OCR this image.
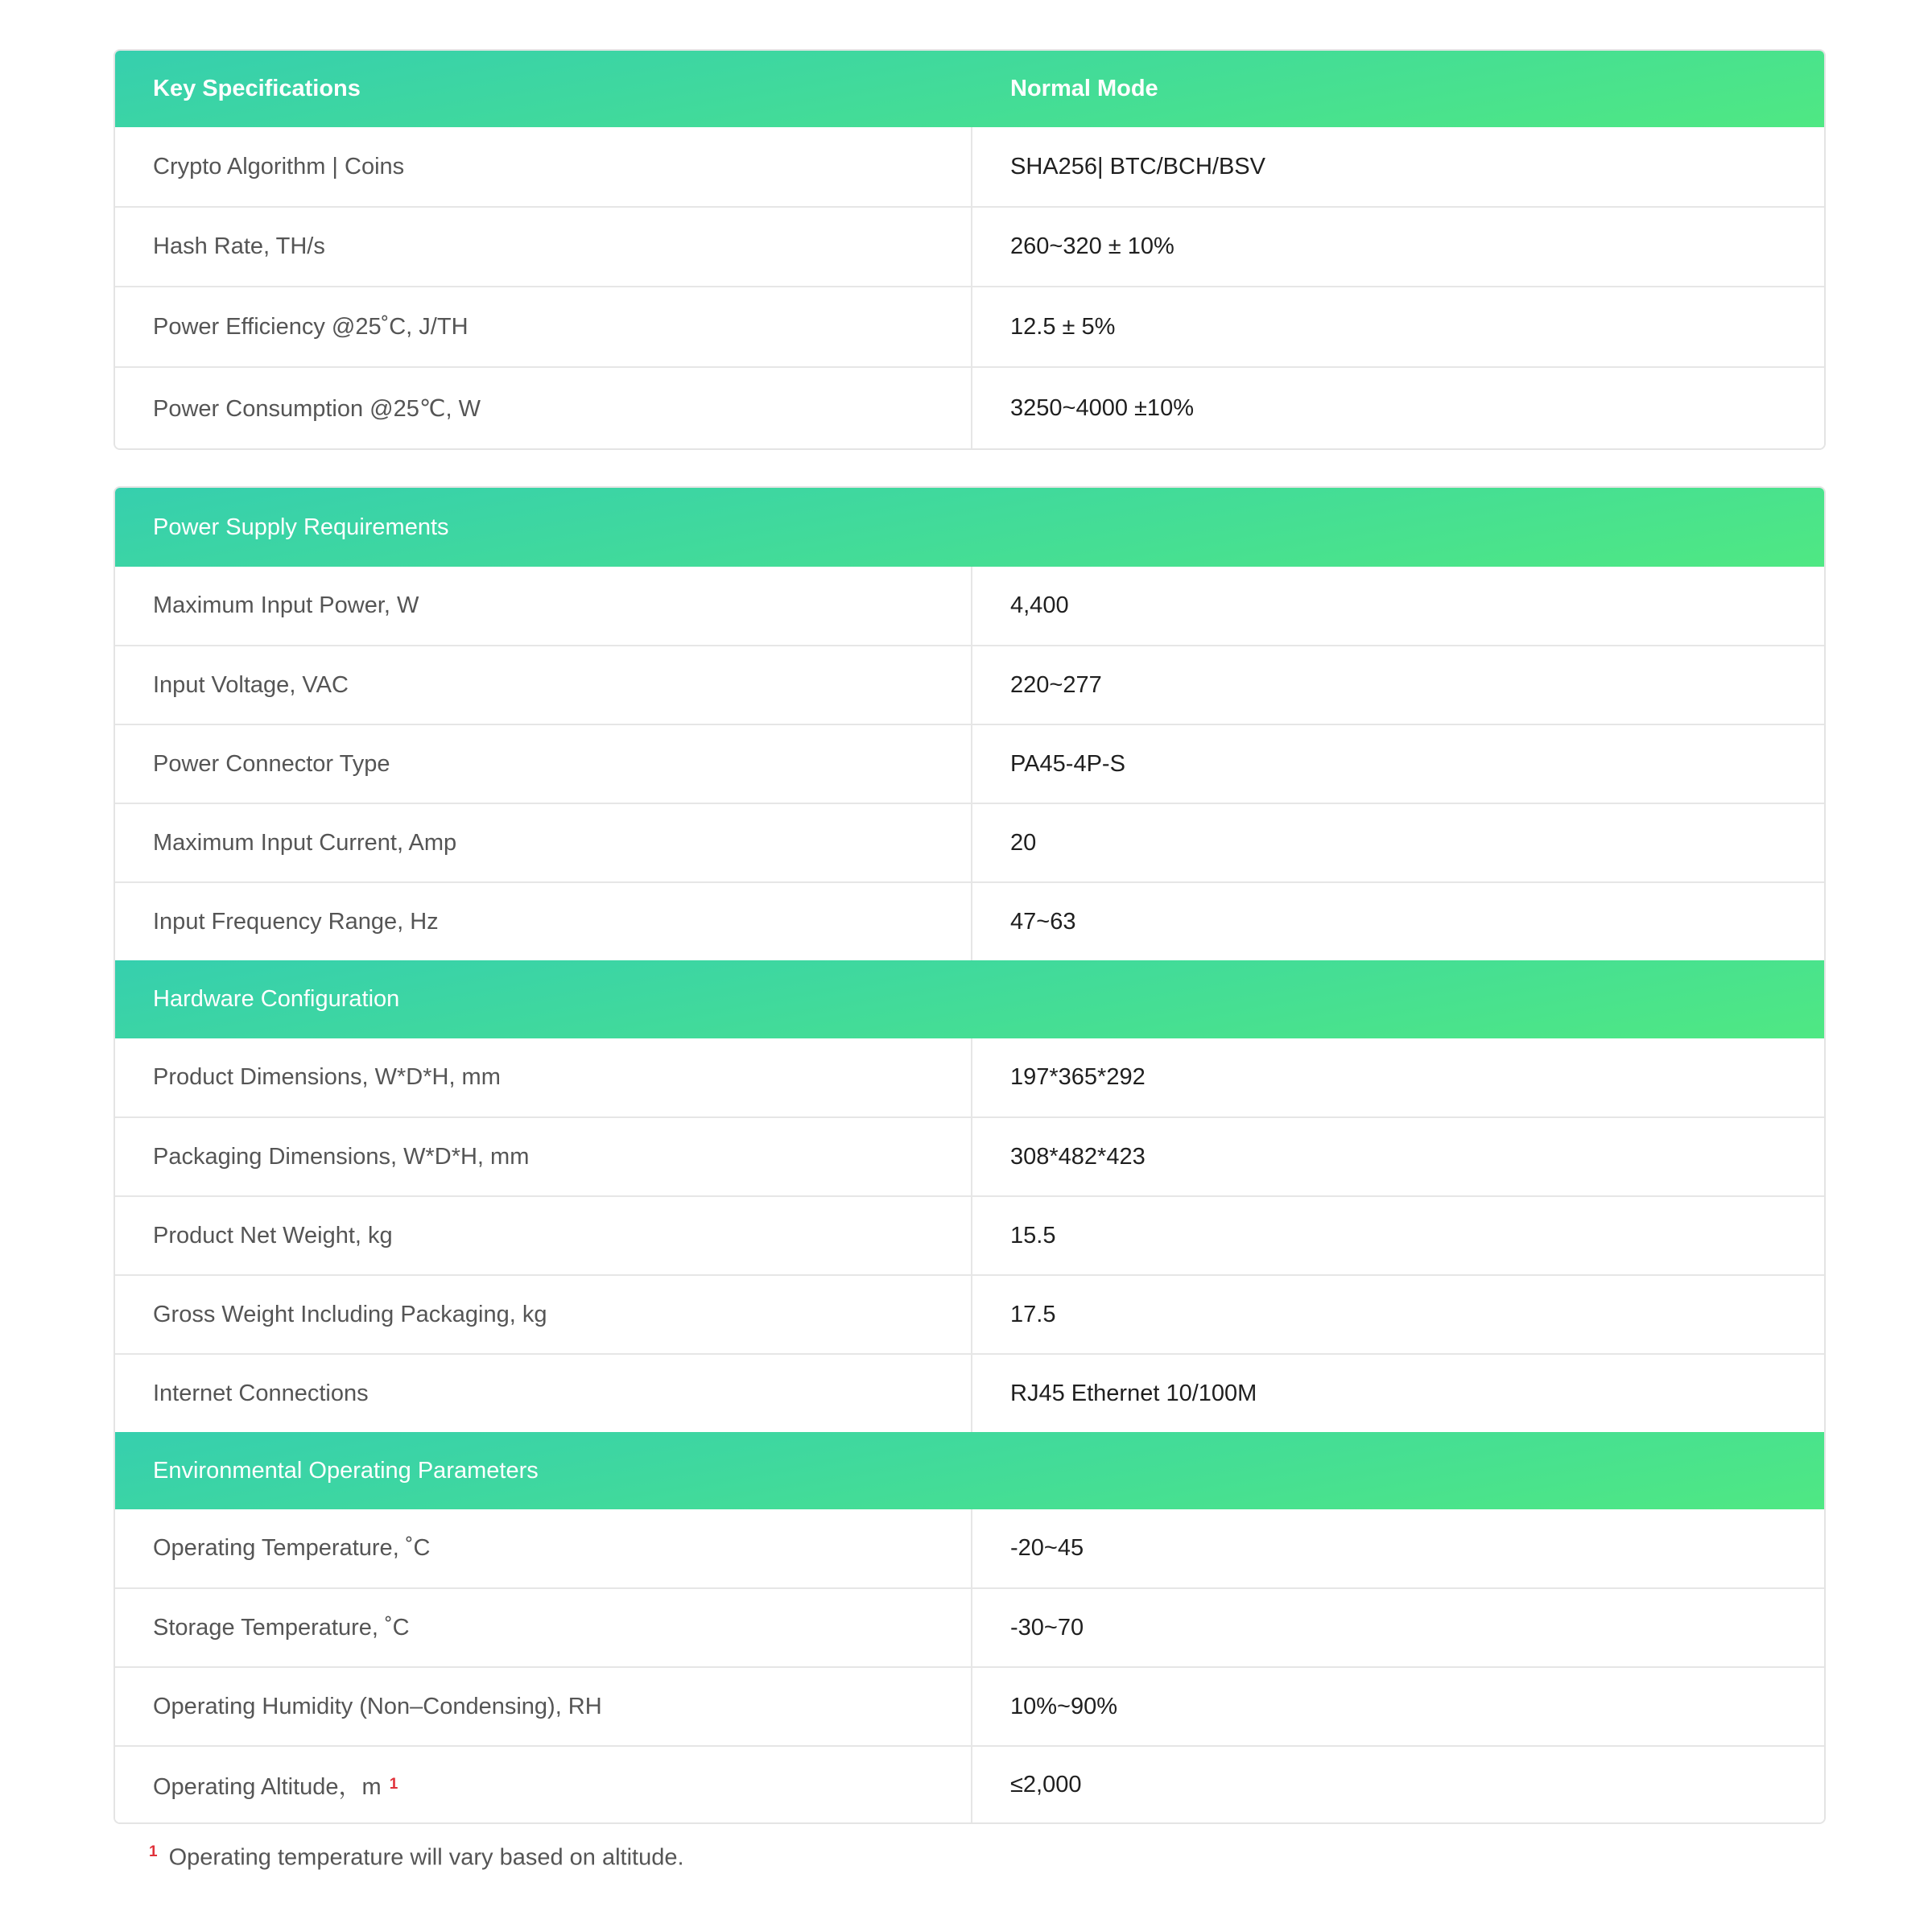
Key Specifications	Normal Mode
Crypto Algorithm | Coins	SHA256| BTC/BCH/BSV
Hash Rate, TH/s	260~320 ± 10%
Power Efficiency @25˚C, J/TH	12.5 ± 5%
Power Consumption @25℃, W	3250~4000 ±10%
Power Supply Requirements
Maximum Input Power, W	4,400
Input Voltage, VAC	220~277
Power Connector Type	PA45-4P-S
Maximum Input Current, Amp	20
Input Frequency Range, Hz	47~63
Hardware Configuration
Product Dimensions, W*D*H, mm	197*365*292
Packaging Dimensions, W*D*H, mm	308*482*423
Product Net Weight, kg	15.5
Gross Weight Including Packaging, kg	17.5
Internet Connections	RJ45 Ethernet 10/100M
Environmental Operating Parameters
Operating Temperature, ˚C	-20~45
Storage Temperature, ˚C	-30~70
Operating Humidity (Non–Condensing), RH	10%~90%
Operating Altitude，m 1	≤2,000
$^1$ Operating temperature will vary based on altitude.
